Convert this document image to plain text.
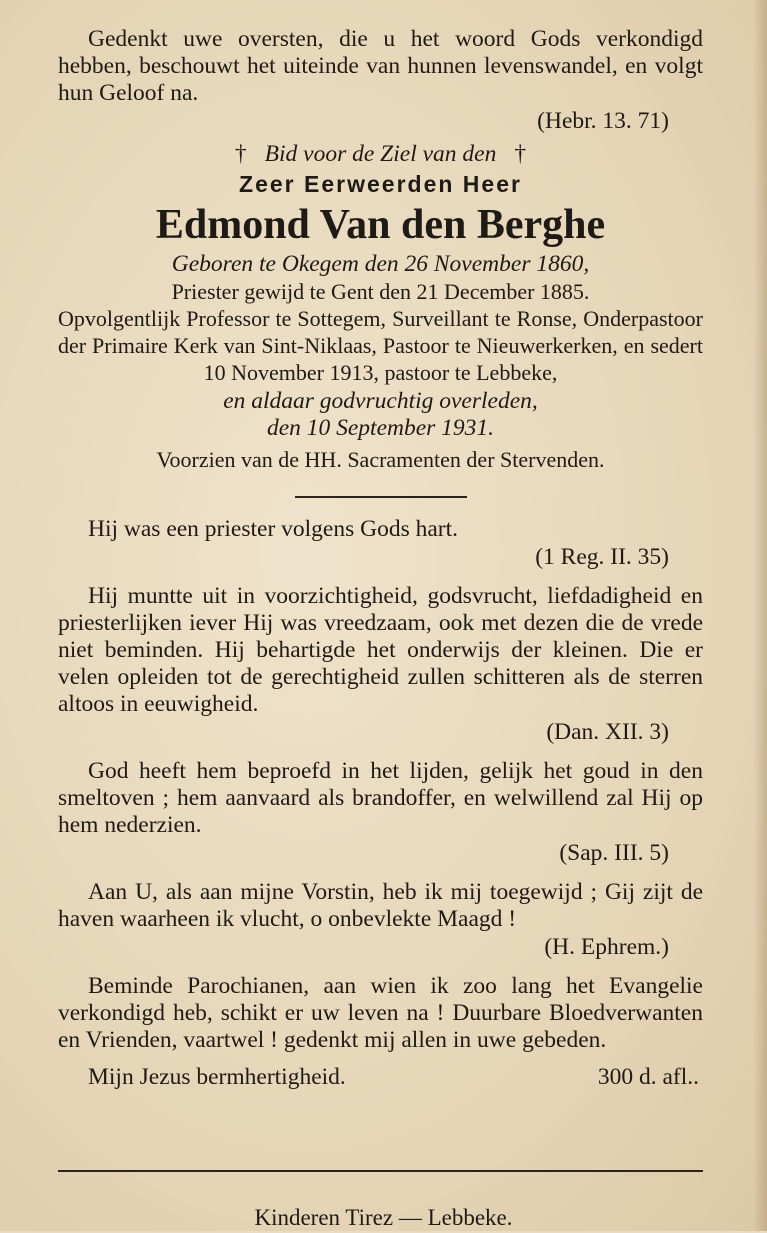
Gedenkt uwe oversten, die u het woord Gods verkondigd hebben, beschouwt het uiteinde van hunnen levenswandel, en volgt hun Geloof na.

(Hebr. 13. 71)

† Bid voor de Ziel van den †

Zeer Eerweerden Heer

Edmond Van den Berghe

Geboren te Okegem den 26 November 1860,

Priester gewijd te Gent den 21 December 1885.

Opvolgentlijk Professor te Sottegem, Surveillant te Ronse, Onderpastoor der Primaire Kerk van Sint-Niklaas, Pastoor te Nieuwerkerken, en sedert 10 November 1913, pastoor te Lebbeke,

en aldaar godvruchtig overleden,

den 10 September 1931.

Voorzien van de HH. Sacramenten der Stervenden.

Hij was een priester volgens Gods hart.

(1 Reg. II. 35)

Hij muntte uit in voorzichtigheid, godsvrucht, liefdadigheid en priesterlijken iever Hij was vreedzaam, ook met dezen die de vrede niet beminden. Hij behartigde het onderwijs der kleinen. Die er velen opleiden tot de gerechtigheid zullen schitteren als de sterren altoos in eeuwigheid.

(Dan. XII. 3)

God heeft hem beproefd in het lijden, gelijk het goud in den smeltoven ; hem aanvaard als brandoffer, en welwillend zal Hij op hem nederzien.

(Sap. III. 5)

Aan U, als aan mijne Vorstin, heb ik mij toegewijd ; Gij zijt de haven waarheen ik vlucht, o onbevlekte Maagd !

(H. Ephrem.)

Beminde Parochianen, aan wien ik zoo lang het Evangelie verkondigd heb, schikt er uw leven na ! Duurbare Bloedverwanten en Vrienden, vaartwel ! gedenkt mij allen in uwe gebeden.

Mijn Jezus bermhertigheid.	300 d. afl..

Kinderen Tirez — Lebbeke.
